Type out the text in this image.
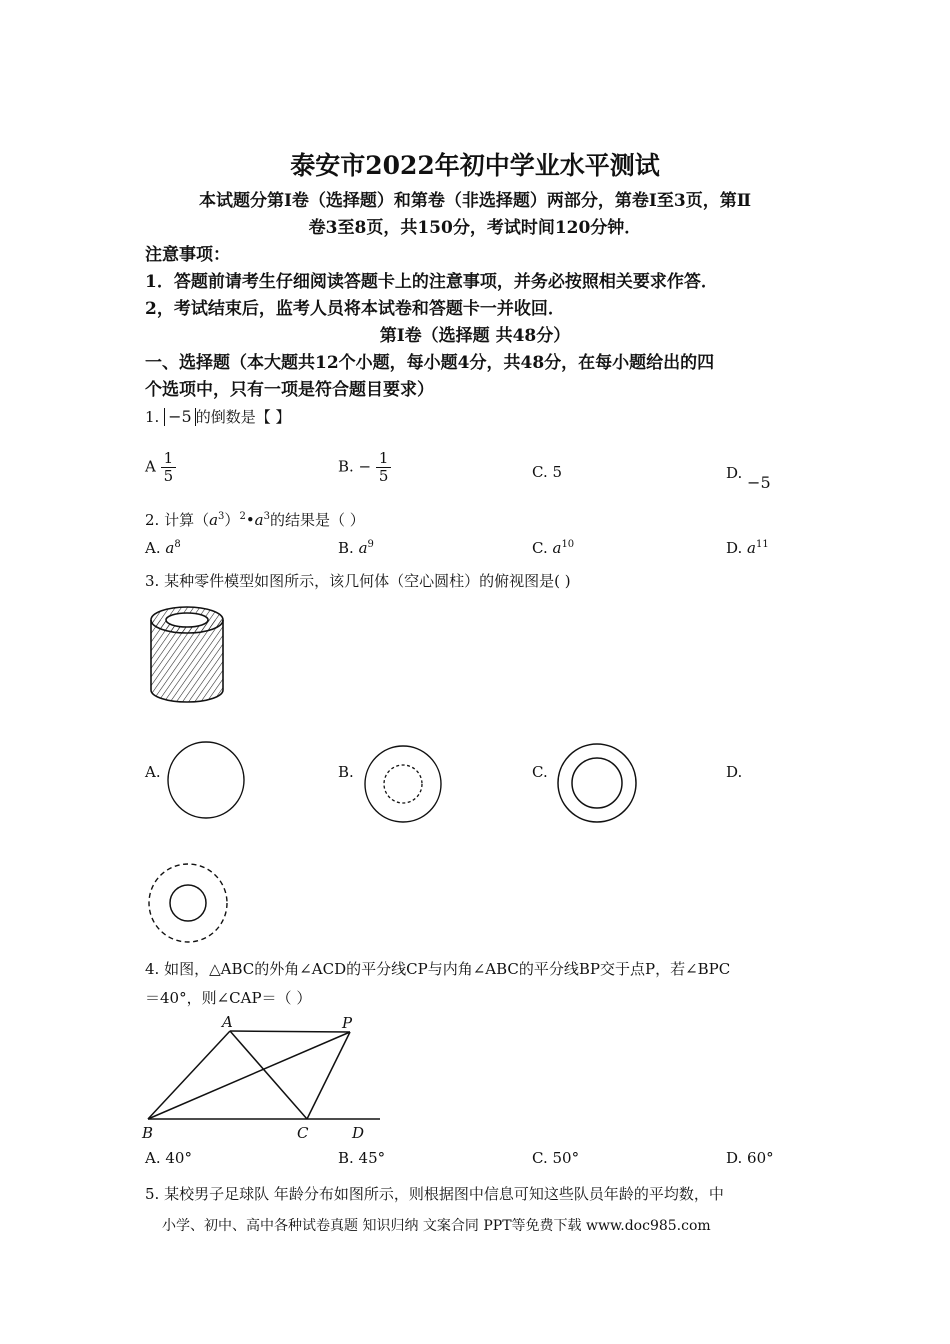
泰安市2022年初中学业水平测试
本试题分第Ⅰ卷（选择题）和第卷（非选择题）两部分，第卷Ⅰ至3页，第Ⅱ
卷3至8页，共150分，考试时间120分钟．
注意事项：
1．答题前请考生仔细阅读答题卡上的注意事项，并务必按照相关要求作答．
2，考试结束后，监考人员将本试卷和答题卡一并收回．
第Ⅰ卷（选择题 共48分）
一、选择题（本大题共12个小题，每小题4分，共48分，在每小题给出的四
个选项中，只有一项是符合题目要求）
1. −5 的倒数是【 】
A $\frac{1}{5}$	B. − $\frac{1}{5}$	C. 5	D. −5
2. 计算$(a^3)^2•a^3$的结果是（ ）
A. $a^8$	B. $a^9$	C. $a^{10}$	D. $a^{11}$
3. 某种零件模型如图所示，该几何体（空心圆柱）的俯视图是( )
A.	B.	C.	D.
4. 如图，△ABC的外角∠ACD的平分线CP与内角∠ABC的平分线BP交于点P，若∠BPC
＝40°，则∠CAP＝（ ）
A	P
B	C	D
A. 40°	B. 45°	C. 50°	D. 60°
5. 某校男子足球队 年龄分布如图所示，则根据图中信息可知这些队员年龄的平均数，中
小学、初中、高中各种试卷真题 知识归纳 文案合同 PPT等免费下载 www.doc985.com
